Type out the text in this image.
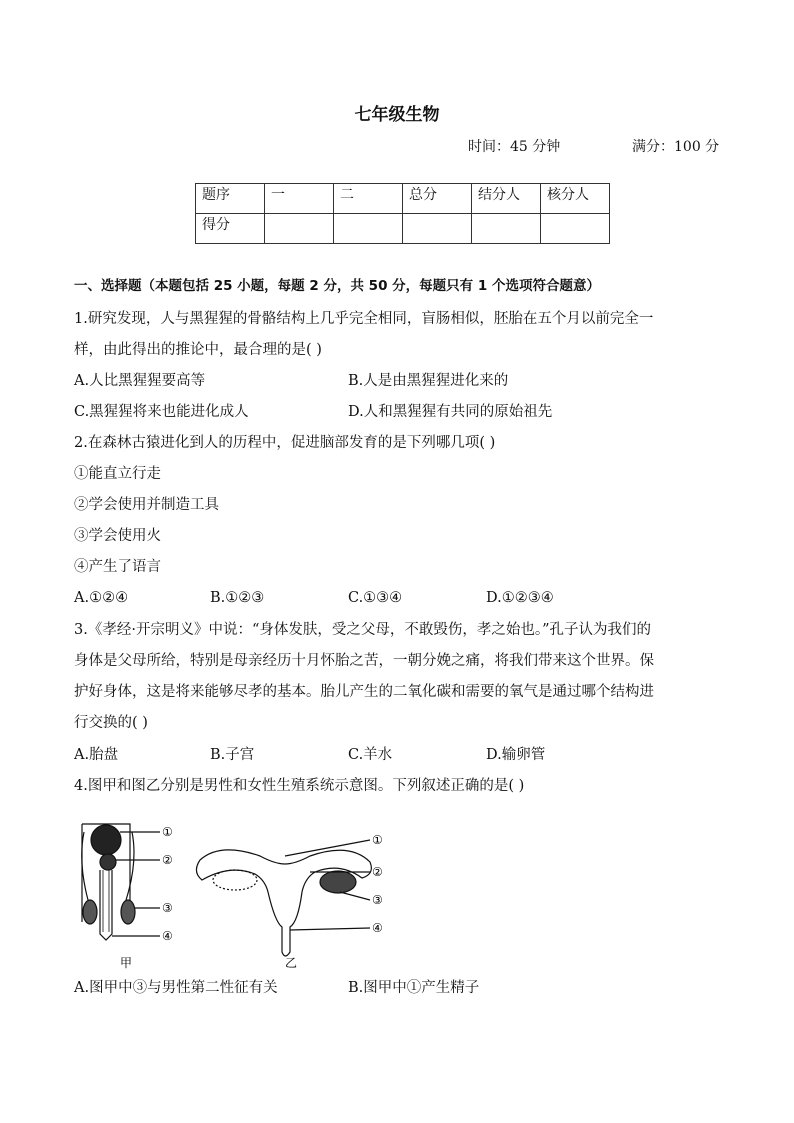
七年级生物
时间：45 分钟	满分：100 分
题序	一	二	总分	结分人	核分人
得分					
一、选择题（本题包括 25 小题，每题 2 分，共 50 分，每题只有 1 个选项符合题意）
1.研究发现，人与黑猩猩的骨骼结构上几乎完全相同，盲肠相似，胚胎在五个月以前完全一
样，由此得出的推论中，最合理的是( )
A.人比黑猩猩要高等	B.人是由黑猩猩进化来的
C.黑猩猩将来也能进化成人	D.人和黑猩猩有共同的原始祖先
2.在森林古猿进化到人的历程中，促进脑部发育的是下列哪几项( )
①能直立行走
②学会使用并制造工具
③学会使用火
④产生了语言
A.①②④	B.①②③	C.①③④	D.①②③④
3.《孝经·开宗明义》中说：“身体发肤，受之父母，不敢毁伤，孝之始也。”孔子认为我们的
身体是父母所给，特别是母亲经历十月怀胎之苦，一朝分娩之痛，将我们带来这个世界。保
护好身体，这是将来能够尽孝的基本。胎儿产生的二氧化碳和需要的氧气是通过哪个结构进
行交换的( )
A.胎盘	B.子宫	C.羊水	D.输卵管
4.图甲和图乙分别是男性和女性生殖系统示意图。下列叙述正确的是( )
①
②
③
④
甲
①
②
③
④
乙
A.图甲中③与男性第二性征有关	B.图甲中①产生精子
